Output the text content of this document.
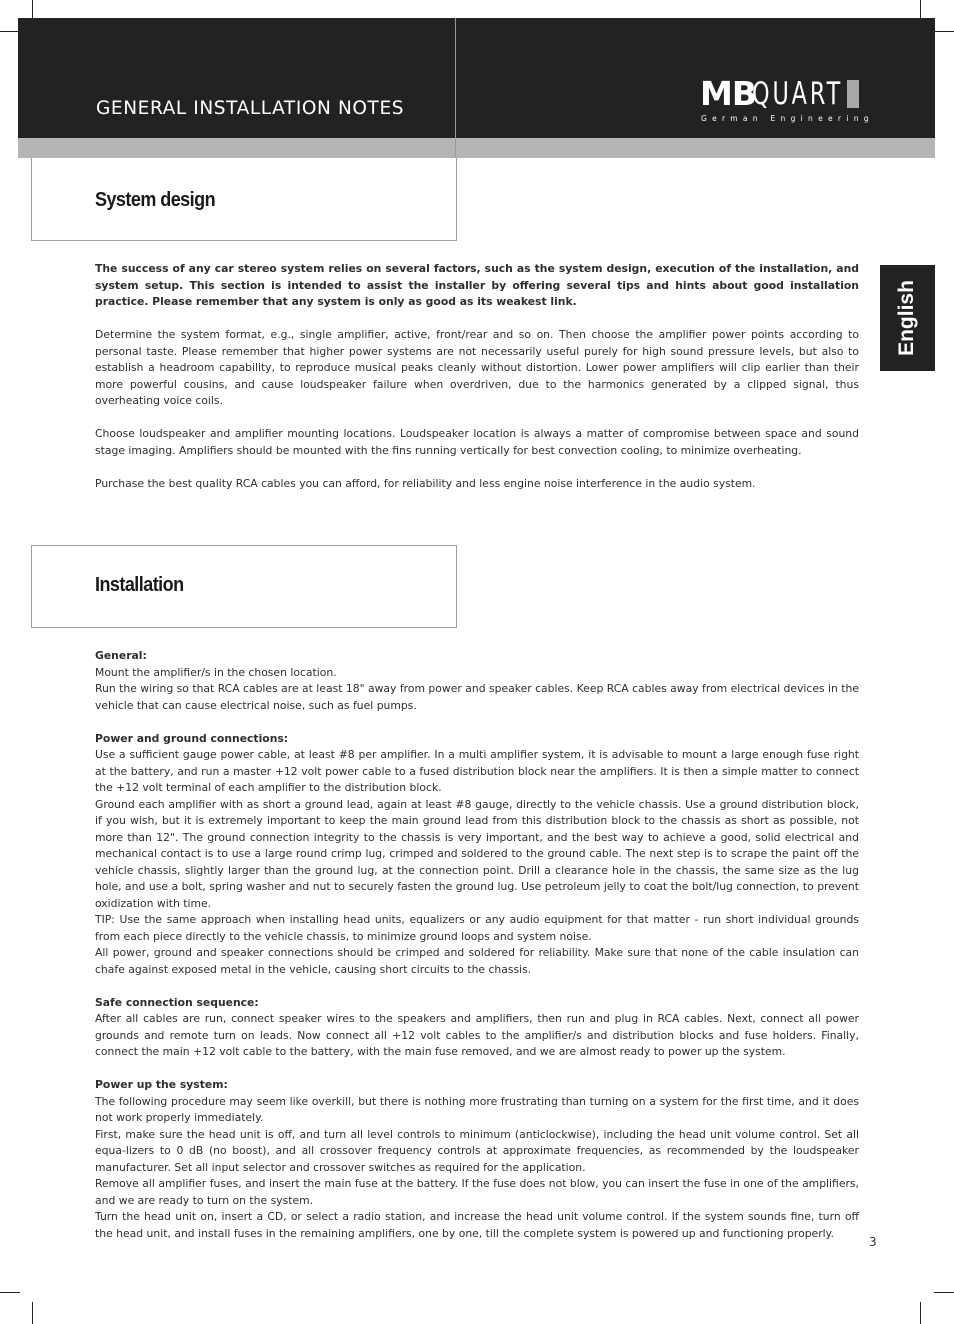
GENERAL INSTALLATION NOTES	MB
QUART
German Engineering
English
System design

The success of any car stereo system relies on several factors, such as the system design, execution of the installation, and system setup. This section is intended to assist the installer by offering several tips and hints about good installation practice. Please remember that any system is only as good as its weakest link.

Determine the system format, e.g., single amplifier, active, front/rear and so on. Then choose the amplifier power points according to personal taste. Please remember that higher power systems are not necessarily useful purely for high sound pressure levels, but also to establish a headroom capability, to reproduce musical peaks cleanly without distortion. Lower power amplifiers will clip earlier than their more powerful cousins, and cause loudspeaker failure when overdriven, due to the harmonics generated by a clipped signal, thus overheating voice coils.

Choose loudspeaker and amplifier mounting locations. Loudspeaker location is always a matter of compromise between space and sound stage imaging. Amplifiers should be mounted with the fins running vertically for best convection cooling, to minimize overheating.

Purchase the best quality RCA cables you can afford, for reliability and less engine noise interference in the audio system.

Installation

General:

Mount the amplifier/s in the chosen location.

Run the wiring so that RCA cables are at least 18" away from power and speaker cables. Keep RCA cables away from electrical devices in the vehicle that can cause electrical noise, such as fuel pumps.

Power and ground connections:

Use a sufficient gauge power cable, at least #8 per amplifier. In a multi amplifier system, it is advisable to mount a large enough fuse right at the battery, and run a master +12 volt power cable to a fused distribution block near the amplifiers. It is then a simple matter to connect the +12 volt terminal of each amplifier to the distribution block.

Ground each amplifier with as short a ground lead, again at least #8 gauge, directly to the vehicle chassis. Use a ground distribution block, if you wish, but it is extremely important to keep the main ground lead from this distribution block to the chassis as short as possible, not more than 12". The ground connection integrity to the chassis is very important, and the best way to achieve a good, solid electrical and mechanical contact is to use a large round crimp lug, crimped and soldered to the ground cable. The next step is to scrape the paint off the vehicle chassis, slightly larger than the ground lug, at the connection point. Drill a clearance hole in the chassis, the same size as the lug hole, and use a bolt, spring washer and nut to securely fasten the ground lug. Use petroleum jelly to coat the bolt/lug connection, to prevent oxidization with time.

TIP: Use the same approach when installing head units, equalizers or any audio equipment for that matter - run short individual grounds from each piece directly to the vehicle chassis, to minimize ground loops and system noise.

All power, ground and speaker connections should be crimped and soldered for reliability. Make sure that none of the cable insulation can chafe against exposed metal in the vehicle, causing short circuits to the chassis.

Safe connection sequence:

After all cables are run, connect speaker wires to the speakers and amplifiers, then run and plug in RCA cables. Next, connect all power grounds and remote turn on leads. Now connect all +12 volt cables to the amplifier/s and distribution blocks and fuse holders. Finally, connect the main +12 volt cable to the battery, with the main fuse removed, and we are almost ready to power up the system.

Power up the system:

The following procedure may seem like overkill, but there is nothing more frustrating than turning on a system for the first time, and it does not work properly immediately.

First, make sure the head unit is off, and turn all level controls to minimum (anticlockwise), including the head unit volume control. Set all equa-lizers to 0 dB (no boost), and all crossover frequency controls at approximate frequencies, as recommended by the loudspeaker manufacturer. Set all input selector and crossover switches as required for the application.

Remove all amplifier fuses, and insert the main fuse at the battery. If the fuse does not blow, you can insert the fuse in one of the amplifiers, and we are ready to turn on the system.

Turn the head unit on, insert a CD, or select a radio station, and increase the head unit volume control. If the system sounds fine, turn off the head unit, and install fuses in the remaining amplifiers, one by one, till the complete system is powered up and functioning properly.

3
